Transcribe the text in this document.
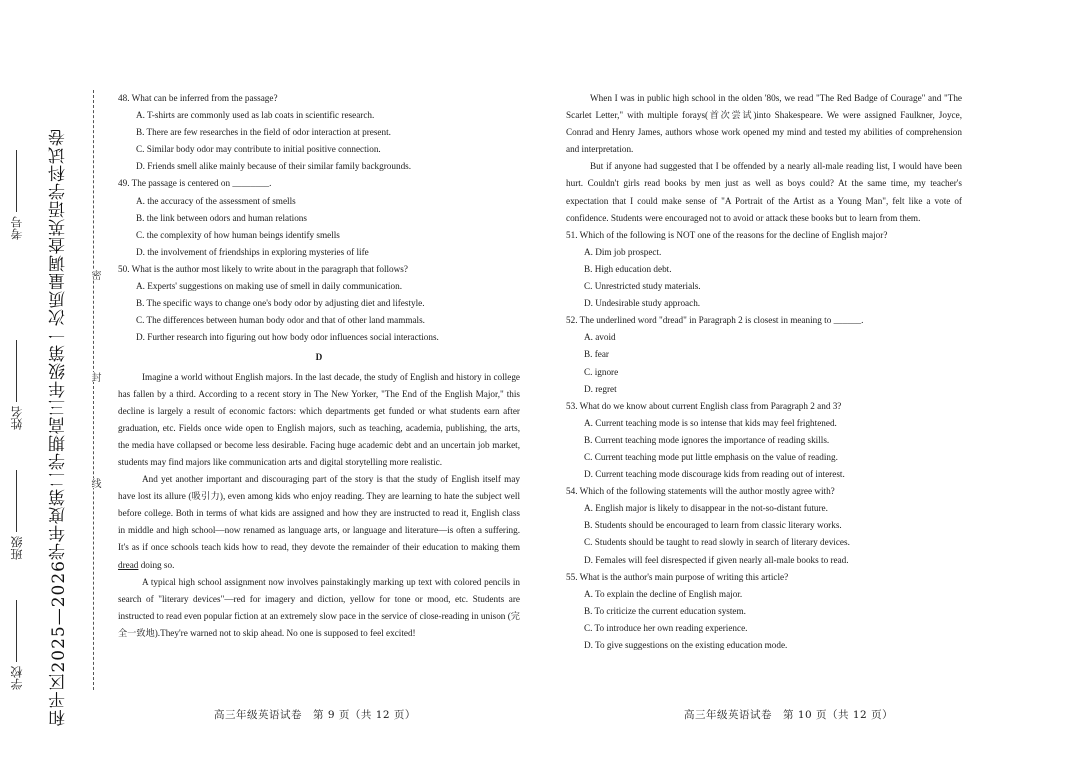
和平区2025—2026学年度第二学期高三年级第一次质量调查英语学科试卷
学校
班级
姓名
考号
密
封
线

48. What can be inferred from the passage?

A. T-shirts are commonly used as lab coats in scientific research.

B. There are few researches in the field of odor interaction at present.

C. Similar body odor may contribute to initial positive connection.

D. Friends smell alike mainly because of their similar family backgrounds.

49. The passage is centered on ________.

A. the accuracy of the assessment of smells

B. the link between odors and human relations

C. the complexity of how human beings identify smells

D. the involvement of friendships in exploring mysteries of life

50. What is the author most likely to write about in the paragraph that follows?

A. Experts' suggestions on making use of smell in daily communication.

B. The specific ways to change one's body odor by adjusting diet and lifestyle.

C. The differences between human body odor and that of other land mammals.

D. Further research into figuring out how body odor influences social interactions.

D

Imagine a world without English majors. In the last decade, the study of English and history in college has fallen by a third. According to a recent story in The New Yorker, "The End of the English Major," this decline is largely a result of economic factors: which departments get funded or what students earn after graduation, etc. Fields once wide open to English majors, such as teaching, academia, publishing, the arts, the media have collapsed or become less desirable. Facing huge academic debt and an uncertain job market, students may find majors like communication arts and digital storytelling more realistic.

And yet another important and discouraging part of the story is that the study of English itself may have lost its allure (吸引力), even among kids who enjoy reading. They are learning to hate the subject well before college. Both in terms of what kids are assigned and how they are instructed to read it, English class in middle and high school—now renamed as language arts, or language and literature—is often a suffering. It's as if once schools teach kids how to read, they devote the remainder of their education to making them dread doing so.

A typical high school assignment now involves painstakingly marking up text with colored pencils in search of "literary devices"—red for imagery and diction, yellow for tone or mood, etc. Students are instructed to read even popular fiction at an extremely slow pace in the service of close-reading in unison (完全一致地).They're warned not to skip ahead. No one is supposed to feel excited!

When I was in public high school in the olden '80s, we read "The Red Badge of Courage" and "The Scarlet Letter," with multiple forays(首次尝试)into Shakespeare. We were assigned Faulkner, Joyce, Conrad and Henry James, authors whose work opened my mind and tested my abilities of comprehension and interpretation.

But if anyone had suggested that I be offended by a nearly all-male reading list, I would have been hurt. Couldn't girls read books by men just as well as boys could? At the same time, my teacher's expectation that I could make sense of "A Portrait of the Artist as a Young Man", felt like a vote of confidence. Students were encouraged not to avoid or attack these books but to learn from them.

51. Which of the following is NOT one of the reasons for the decline of English major?

A. Dim job prospect.

B. High education debt.

C. Unrestricted study materials.

D. Undesirable study approach.

52. The underlined word "dread" in Paragraph 2 is closest in meaning to ______.

A. avoid

B. fear

C. ignore

D. regret

53. What do we know about current English class from Paragraph 2 and 3?

A. Current teaching mode is so intense that kids may feel frightened.

B. Current teaching mode ignores the importance of reading skills.

C. Current teaching mode put little emphasis on the value of reading.

D. Current teaching mode discourage kids from reading out of interest.

54. Which of the following statements will the author mostly agree with?

A. English major is likely to disappear in the not-so-distant future.

B. Students should be encouraged to learn from classic literary works.

C. Students should be taught to read slowly in search of literary devices.

D. Females will feel disrespected if given nearly all-male books to read.

55. What is the author's main purpose of writing this article?

A. To explain the decline of English major.

B. To criticize the current education system.

C. To introduce her own reading experience.

D. To give suggestions on the existing education mode.

高三年级英语试卷　第 9 页（共 12 页）	高三年级英语试卷　第 10 页（共 12 页）
